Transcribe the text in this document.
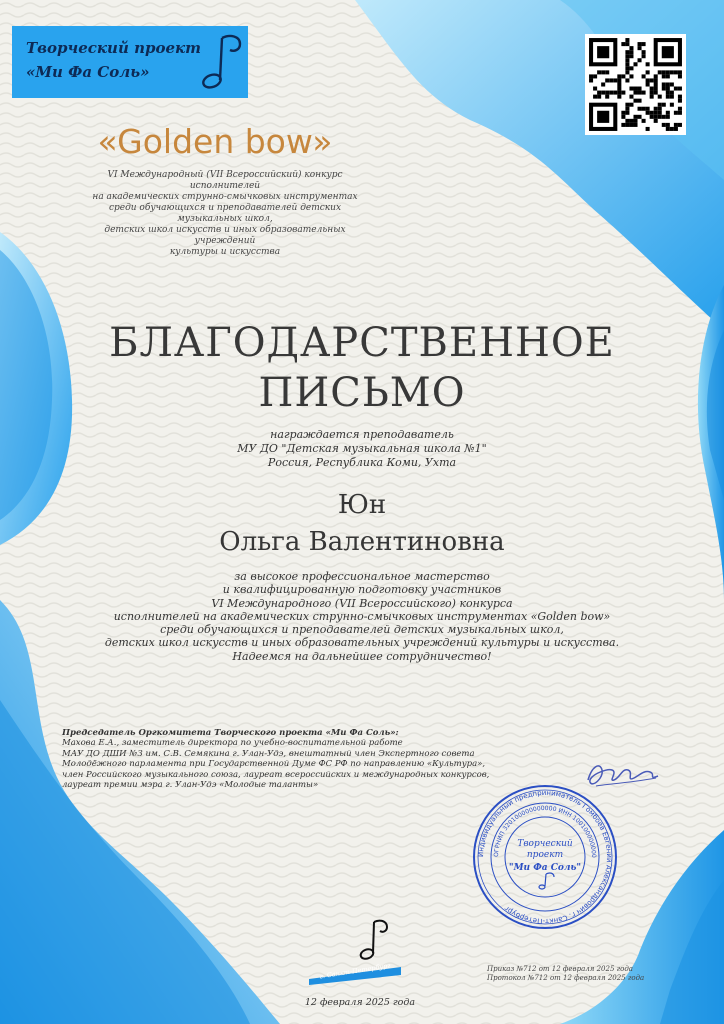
Творческий проект
«Ми Фа Соль»
«Golden bow»
VI Международный (VII Всероссийский) конкурс исполнителей
на академических струнно-смычковых инструментах
среди обучающихся и преподавателей детских музыкальных школ,
детских школ искусств и иных образовательных учреждений
культуры и искусства
БЛАГОДАРСТВЕННОЕ
ПИСЬМО
награждается преподаватель
МУ ДО "Детская музыкальная школа №1"
Россия, Республика Коми, Ухта
Юн
Ольга Валентиновна
за высокое профессиональное мастерство
и квалифицированную подготовку участников
VI Международного (VII Всероссийского) конкурса
исполнителей на академических струнно-смычковых инструментах «Golden bow»
среди обучающихся и преподавателей детских музыкальных школ,
детских школ искусств и иных образовательных учреждений культуры и искусства.
Надеемся на дальнейшее сотрудничество!
Председатель Оргкомитета Творческого проекта «Ми Фа Соль»:
Махова Е.А., заместитель директора по учебно-воспитательной работе
МАУ ДО ДШИ №3 им. С.В. Семякина г. Улан-Удэ, внештатный член Экспертного совета
Молодёжного парламента при Государственной Думе ФС РФ по направлению «Культура»,
член Российского музыкального союза, лауреат всероссийских и международных конкурсов,
лауреат премии мэра г. Улан-Удэ «Молодые таланты»
Индивидуальный предприниматель Гомбоев Евгений Александрович г. Санкт-Петербург
ОГРНИП 320100000000000 ИНН 100100000000
Творческий
проект
"Ми Фа Соль"
г. Санкт-Петербург	Приказ №712 от 12 февраля 2025 года
Протокол №712 от 12 февраля 2025 года
12 февраля 2025 года
